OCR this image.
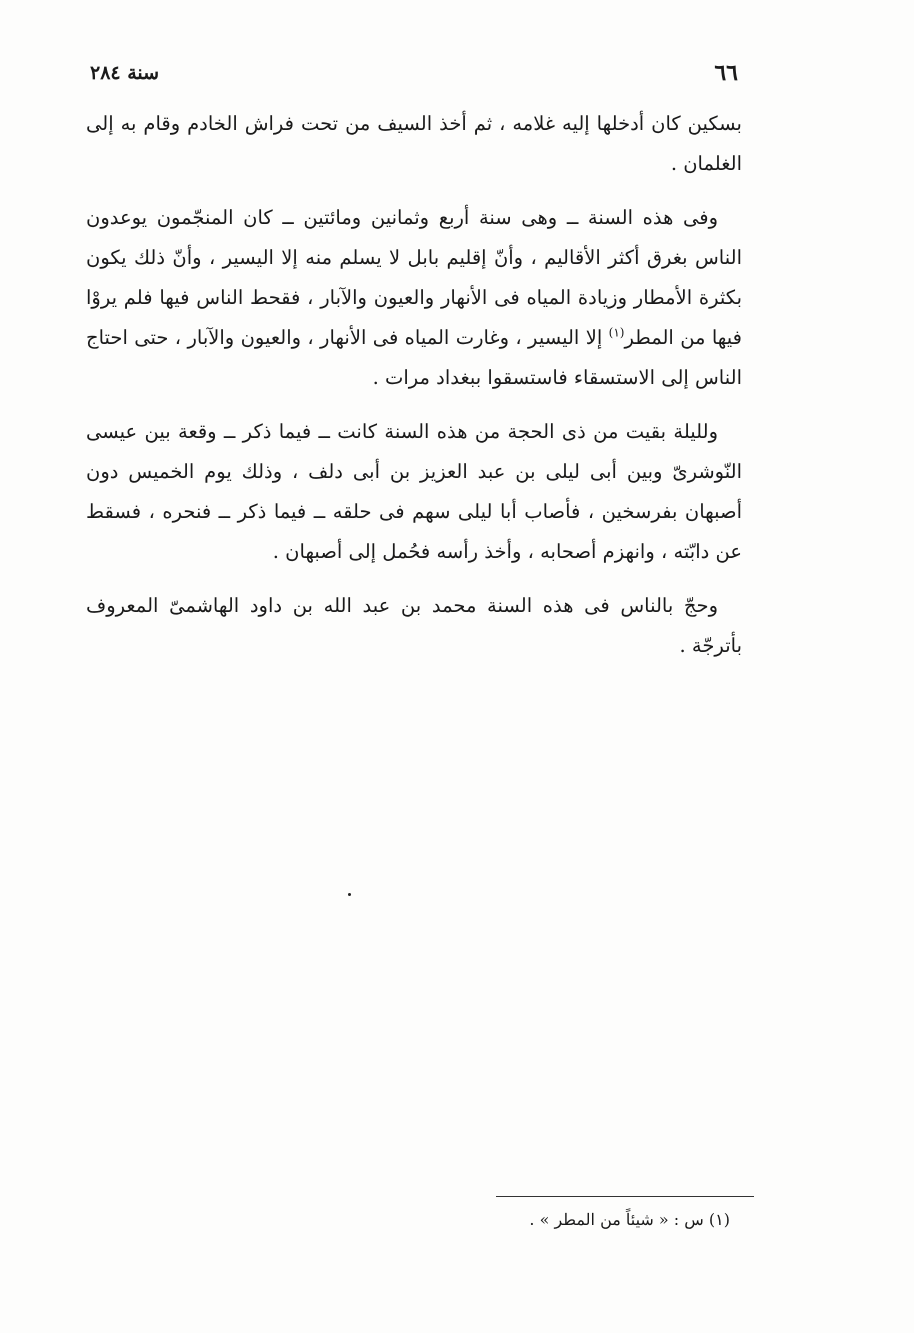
٦٦
سنة ٢٨٤

بسكين كان أدخلها إليه غلامه ، ثم أخذ السيف من تحت فراش الخادم وقام به إلى الغلمان .

وفى هذه السنة ــ وهى سنة أربع وثمانين ومائتين ــ كان المنجّمون يوعدون الناس بغرق أكثر الأقاليم ، وأنّ إقليم بابل لا يسلم منه إلا اليسير ، وأنّ ذلك يكون بكثرة الأمطار وزيادة المياه فى الأنهار والعيون والآبار ، فقحط الناس فيها فلم يروْا فيها من المطر$^{(١)}$ إلا اليسير ، وغارت المياه فى الأنهار ، والعيون والآبار ، حتى احتاج الناس إلى الاستسقاء فاستسقوا ببغداد مرات .

ولليلة بقيت من ذى الحجة من هذه السنة كانت ــ فيما ذكر ــ وقعة بين عيسى النّوشرىّ وبين أبى ليلى بن عبد العزيز بن أبى دلف ، وذلك يوم الخميس دون أصبهان بفرسخين ، فأصاب أبا ليلى سهم فى حلقه ــ فيما ذكر ــ فنحره ، فسقط عن دابّته ، وانهزم أصحابه ، وأخذ رأسه فحُمل إلى أصبهان .

وحجّ بالناس فى هذه السنة محمد بن عبد الله بن داود الهاشمىّ المعروف بأترجّة .

(١) س : « شيئاً من المطر » .
